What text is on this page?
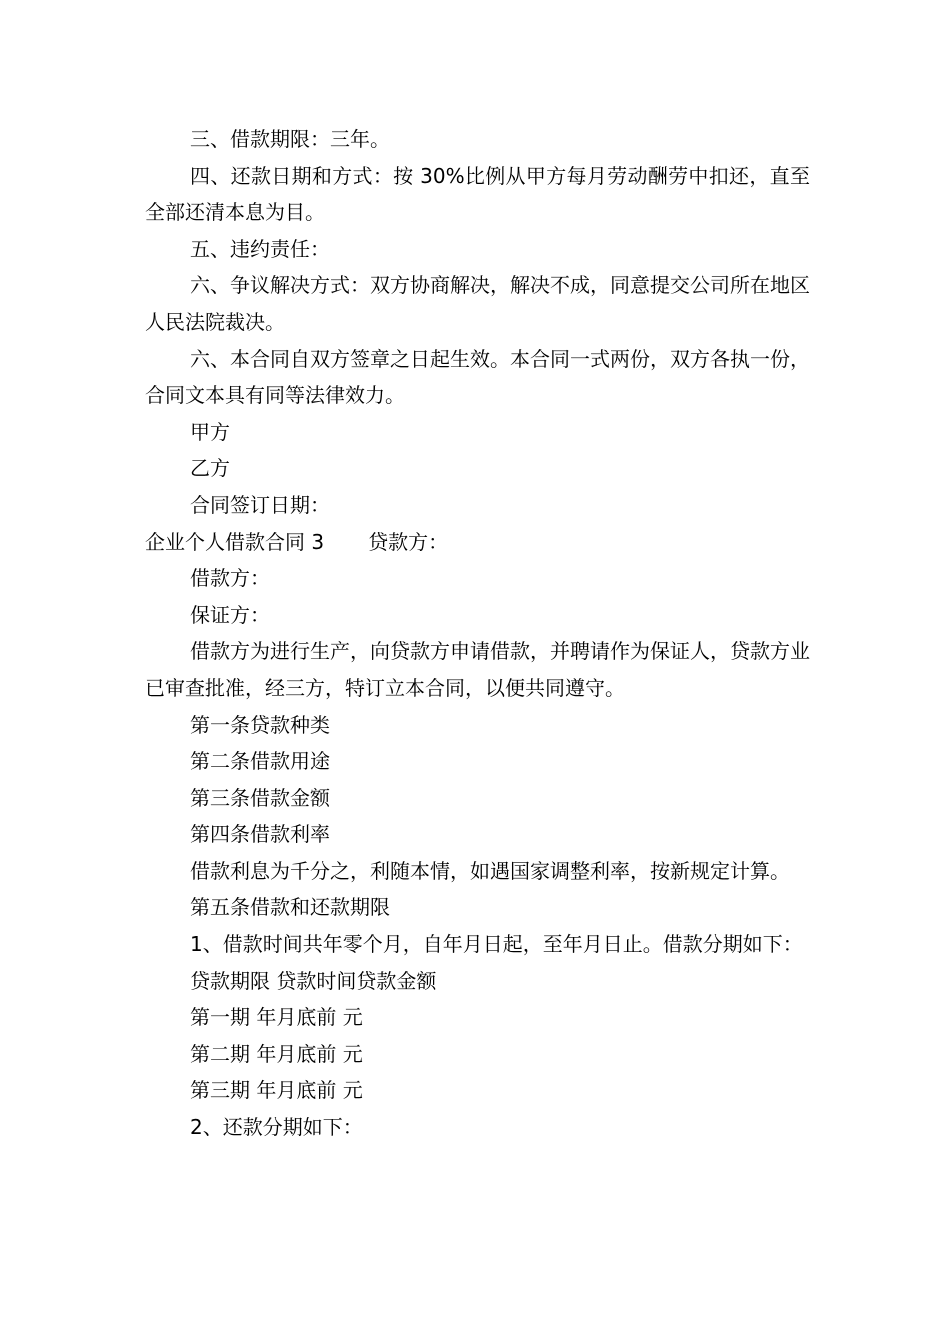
三、借款期限：三年。

四、还款日期和方式：按 30%比例从甲方每月劳动酬劳中扣还，直至全部还清本息为目。

五、违约责任：

六、争议解决方式：双方协商解决，解决不成，同意提交公司所在地区人民法院裁决。

六、本合同自双方签章之日起生效。本合同一式两份，双方各执一份，合同文本具有同等法律效力。

甲方

乙方

合同签订日期：

企业个人借款合同 3 贷款方：

借款方：

保证方：

借款方为进行生产，向贷款方申请借款，并聘请作为保证人，贷款方业已审查批准，经三方，特订立本合同，以便共同遵守。

第一条贷款种类

第二条借款用途

第三条借款金额

第四条借款利率

借款利息为千分之，利随本情，如遇国家调整利率，按新规定计算。

第五条借款和还款期限

1、借款时间共年零个月，自年月日起，至年月日止。借款分期如下：

贷款期限 贷款时间贷款金额

第一期 年月底前 元

第二期 年月底前 元

第三期 年月底前 元

2、还款分期如下：
